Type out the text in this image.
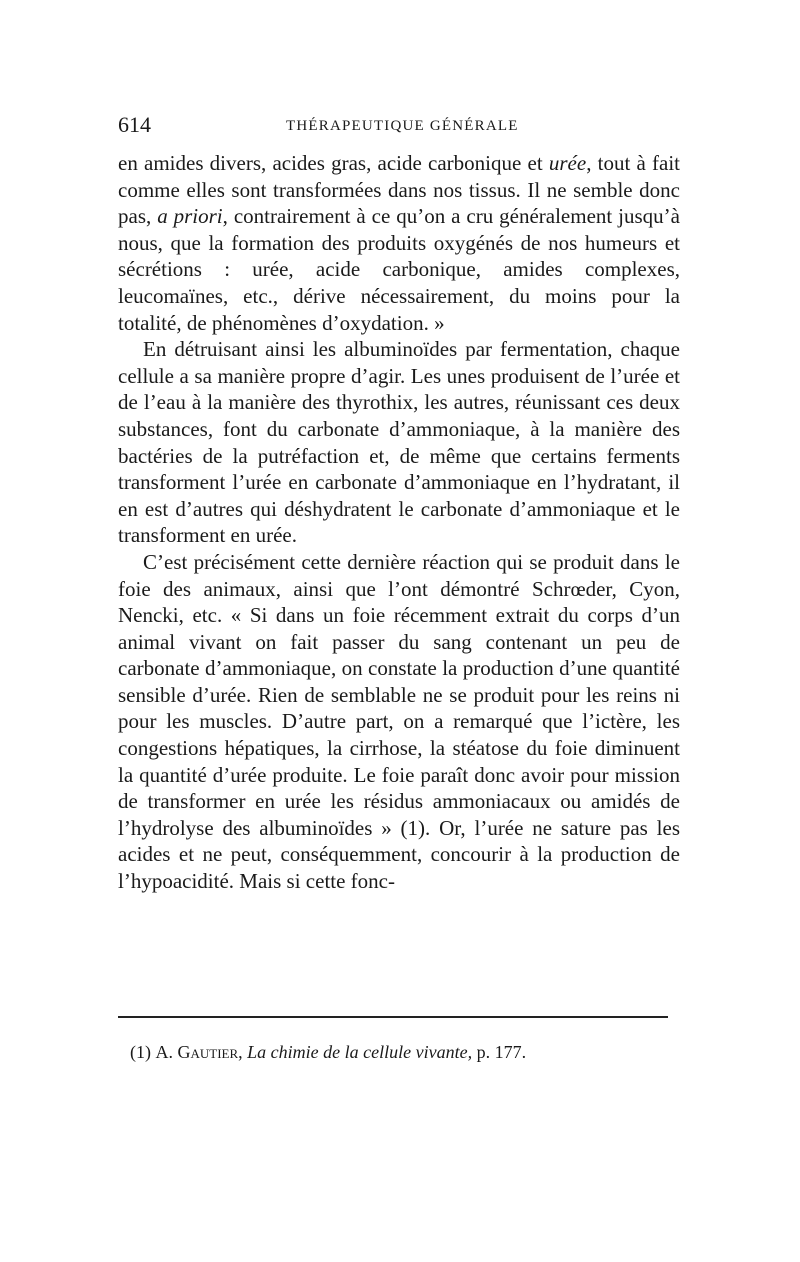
614	THÉRAPEUTIQUE GÉNÉRALE

en amides divers, acides gras, acide carbonique et urée, tout à fait comme elles sont transformées dans nos tissus. Il ne semble donc pas, a priori, contrairement à ce qu’on a cru généralement jusqu’à nous, que la formation des produits oxygénés de nos humeurs et sécrétions : urée, acide carbonique, amides complexes, leucomaïnes, etc., dérive nécessairement, du moins pour la totalité, de phénomènes d’oxydation. »

En détruisant ainsi les albuminoïdes par fermentation, chaque cellule a sa manière propre d’agir. Les unes produisent de l’urée et de l’eau à la manière des thyrothix, les autres, réunissant ces deux substances, font du carbonate d’ammoniaque, à la manière des bactéries de la putréfaction et, de même que certains ferments transforment l’urée en carbonate d’ammoniaque en l’hydratant, il en est d’autres qui déshydratent le carbonate d’ammoniaque et le transforment en urée.

C’est précisément cette dernière réaction qui se produit dans le foie des animaux, ainsi que l’ont démontré Schrœder, Cyon, Nencki, etc. « Si dans un foie récemment extrait du corps d’un animal vivant on fait passer du sang contenant un peu de carbonate d’ammoniaque, on constate la production d’une quantité sensible d’urée. Rien de semblable ne se produit pour les reins ni pour les muscles. D’autre part, on a remarqué que l’ictère, les congestions hépatiques, la cirrhose, la stéatose du foie diminuent la quantité d’urée produite. Le foie paraît donc avoir pour mission de transformer en urée les résidus ammoniacaux ou amidés de l’hydrolyse des albuminoïdes » (1). Or, l’urée ne sature pas les acides et ne peut, conséquemment, concourir à la production de l’hypoacidité. Mais si cette fonc-

(1) A. Gautier, La chimie de la cellule vivante, p. 177.
